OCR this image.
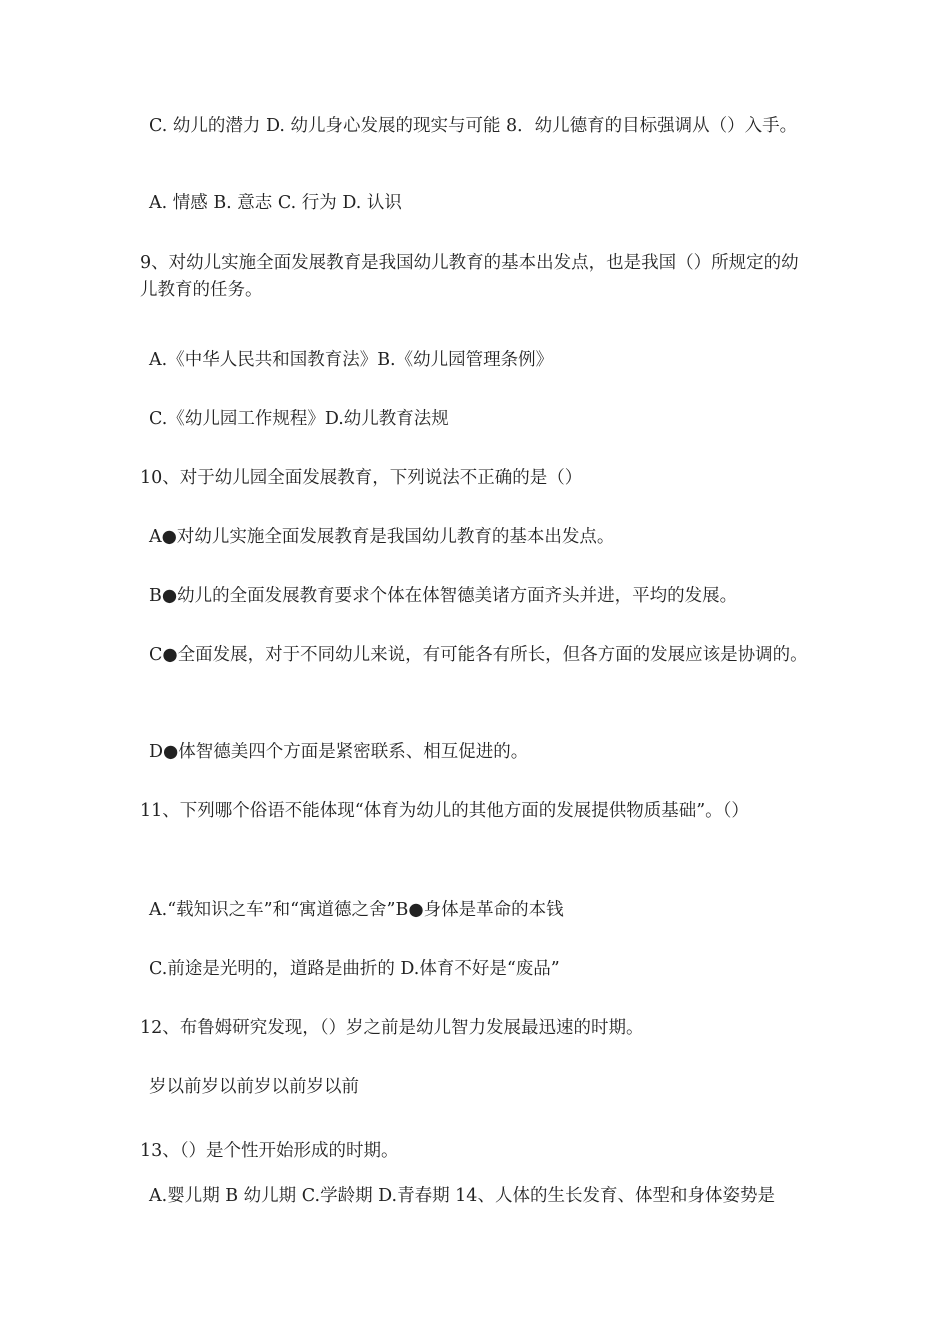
C. 幼儿的潜力 D. 幼儿身心发展的现实与可能 8．幼儿德育的目标强调从（）入手。
A. 情感 B. 意志 C. 行为 D. 认识
9、对幼儿实施全面发展教育是我国幼儿教育的基本出发点，也是我国（）所规定的幼儿教育的任务。
A.《中华人民共和国教育法》B.《幼儿园管理条例》
C.《幼儿园工作规程》D.幼儿教育法规
10、对于幼儿园全面发展教育，下列说法不正确的是（）
A●对幼儿实施全面发展教育是我国幼儿教育的基本出发点。
B●幼儿的全面发展教育要求个体在体智德美诸方面齐头并进，平均的发展。
C●全面发展，对于不同幼儿来说，有可能各有所长，但各方面的发展应该是协调的。
D●体智德美四个方面是紧密联系、相互促进的。
11、下列哪个俗语不能体现“体育为幼儿的其他方面的发展提供物质基础”。（）
A.“载知识之车”和“寓道德之舍”B●身体是革命的本钱
C.前途是光明的，道路是曲折的 D.体育不好是“废品”
12、布鲁姆研究发现，（）岁之前是幼儿智力发展最迅速的时期。
岁以前岁以前岁以前岁以前
13、（）是个性开始形成的时期。
A.婴儿期 B 幼儿期 C.学龄期 D.青春期 14、人体的生长发育、体型和身体姿势是
